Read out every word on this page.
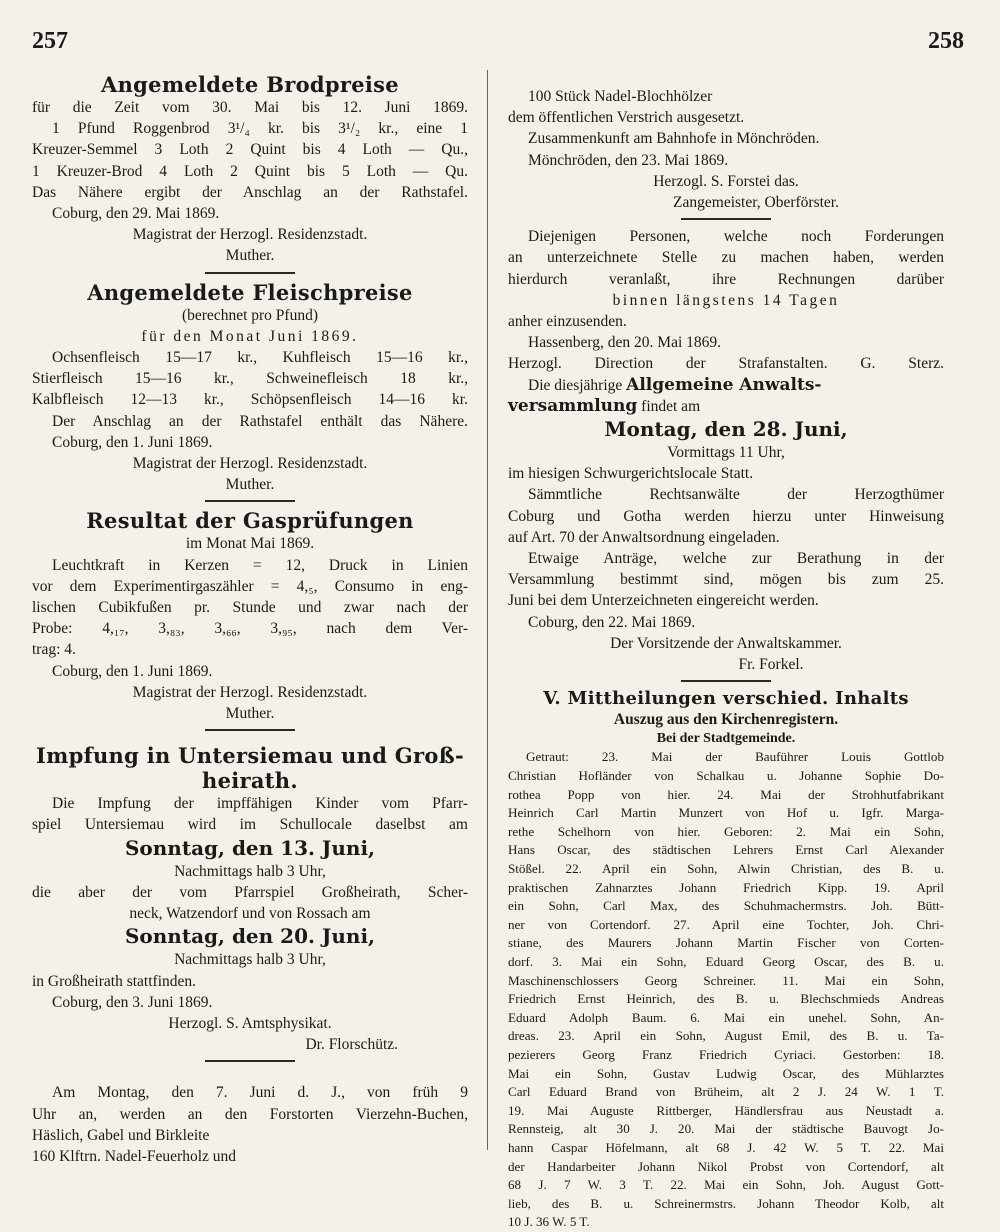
257	258
Angemeldete Brodpreise
für die Zeit vom 30. Mai bis 12. Juni 1869.
1 Pfund Roggenbrod 3¹/₄ kr. bis 3¹/₂ kr., eine 1
Kreuzer-Semmel 3 Loth 2 Quint bis 4 Loth — Qu.,
1 Kreuzer-Brod 4 Loth 2 Quint bis 5 Loth — Qu.
Das Nähere ergibt der Anschlag an der Rathstafel.
Coburg, den 29. Mai 1869.
Magistrat der Herzogl. Residenzstadt.
Muther.
Angemeldete Fleischpreise
(berechnet pro Pfund)
für den Monat Juni 1869.
Ochsenfleisch 15—17 kr., Kuhfleisch 15—16 kr.,
Stierfleisch 15—16 kr., Schweinefleisch 18 kr.,
Kalbfleisch 12—13 kr., Schöpsenfleisch 14—16 kr.
Der Anschlag an der Rathstafel enthält das Nähere.
Coburg, den 1. Juni 1869.
Magistrat der Herzogl. Residenzstadt.
Muther.
Resultat der Gasprüfungen
im Monat Mai 1869.
Leuchtkraft in Kerzen = 12, Druck in Linien
vor dem Experimentirgaszähler = 4,₅, Consumo in eng-
lischen Cubikfußen pr. Stunde und zwar nach der
Probe: 4,₁₇, 3,₈₃, 3,₆₆, 3,₉₅, nach dem Ver-
trag: 4.
Coburg, den 1. Juni 1869.
Magistrat der Herzogl. Residenzstadt.
Muther.
Impfung in Untersiemau und Groß-
heirath.
Die Impfung der impffähigen Kinder vom Pfarr-
spiel Untersiemau wird im Schullocale daselbst am
Sonntag, den 13. Juni,
Nachmittags halb 3 Uhr,
die aber der vom Pfarrspiel Großheirath, Scher-
neck, Watzendorf und von Rossach am
Sonntag, den 20. Juni,
Nachmittags halb 3 Uhr,
in Großheirath stattfinden.
Coburg, den 3. Juni 1869.
Herzogl. S. Amtsphysikat.
Dr. Florschütz.
Am Montag, den 7. Juni d. J., von früh 9
Uhr an, werden an den Forstorten Vierzehn-Buchen,
Häslich, Gabel und Birkleite
160 Klftrn. Nadel-Feuerholz und
100 Stück Nadel-Blochhölzer
dem öffentlichen Verstrich ausgesetzt.
Zusammenkunft am Bahnhofe in Mönchröden.
Mönchröden, den 23. Mai 1869.
Herzogl. S. Forstei das.
Zangemeister, Oberförster.
Diejenigen Personen, welche noch Forderungen
an unterzeichnete Stelle zu machen haben, werden
hierdurch veranlaßt, ihre Rechnungen darüber
binnen längstens 14 Tagen
anher einzusenden.
Hassenberg, den 20. Mai 1869.
Herzogl. Direction der Strafanstalten. G. Sterz.
Die diesjährige Allgemeine Anwalts-
versammlung findet am
Montag, den 28. Juni,
Vormittags 11 Uhr,
im hiesigen Schwurgerichtslocale Statt.
Sämmtliche Rechtsanwälte der Herzogthümer
Coburg und Gotha werden hierzu unter Hinweisung
auf Art. 70 der Anwaltsordnung eingeladen.
Etwaige Anträge, welche zur Berathung in der
Versammlung bestimmt sind, mögen bis zum 25.
Juni bei dem Unterzeichneten eingereicht werden.
Coburg, den 22. Mai 1869.
Der Vorsitzende der Anwaltskammer.
Fr. Forkel.
V. Mittheilungen verschied. Inhalts
Auszug aus den Kirchenregistern.
Bei der Stadtgemeinde.
Getraut: 23. Mai der Bauführer Louis Gottlob
Christian Hofländer von Schalkau u. Johanne Sophie Do-
rothea Popp von hier. 24. Mai der Strohhutfabrikant
Heinrich Carl Martin Munzert von Hof u. Igfr. Marga-
rethe Schelhorn von hier. Geboren: 2. Mai ein Sohn,
Hans Oscar, des städtischen Lehrers Ernst Carl Alexander
Stößel. 22. April ein Sohn, Alwin Christian, des B. u.
praktischen Zahnarztes Johann Friedrich Kipp. 19. April
ein Sohn, Carl Max, des Schuhmachermstrs. Joh. Bütt-
ner von Cortendorf. 27. April eine Tochter, Joh. Chri-
stiane, des Maurers Johann Martin Fischer von Corten-
dorf. 3. Mai ein Sohn, Eduard Georg Oscar, des B. u.
Maschinenschlossers Georg Schreiner. 11. Mai ein Sohn,
Friedrich Ernst Heinrich, des B. u. Blechschmieds Andreas
Eduard Adolph Baum. 6. Mai ein unehel. Sohn, An-
dreas. 23. April ein Sohn, August Emil, des B. u. Ta-
pezierers Georg Franz Friedrich Cyriaci. Gestorben: 18.
Mai ein Sohn, Gustav Ludwig Oscar, des Mühlarztes
Carl Eduard Brand von Brüheim, alt 2 J. 24 W. 1 T.
19. Mai Auguste Rittberger, Händlersfrau aus Neustadt a.
Rennsteig, alt 30 J. 20. Mai der städtische Bauvogt Jo-
hann Caspar Höfelmann, alt 68 J. 42 W. 5 T. 22. Mai
der Handarbeiter Johann Nikol Probst von Cortendorf, alt
68 J. 7 W. 3 T. 22. Mai ein Sohn, Joh. August Gott-
lieb, des B. u. Schreinermstrs. Johann Theodor Kolb, alt
10 J. 36 W. 5 T.
